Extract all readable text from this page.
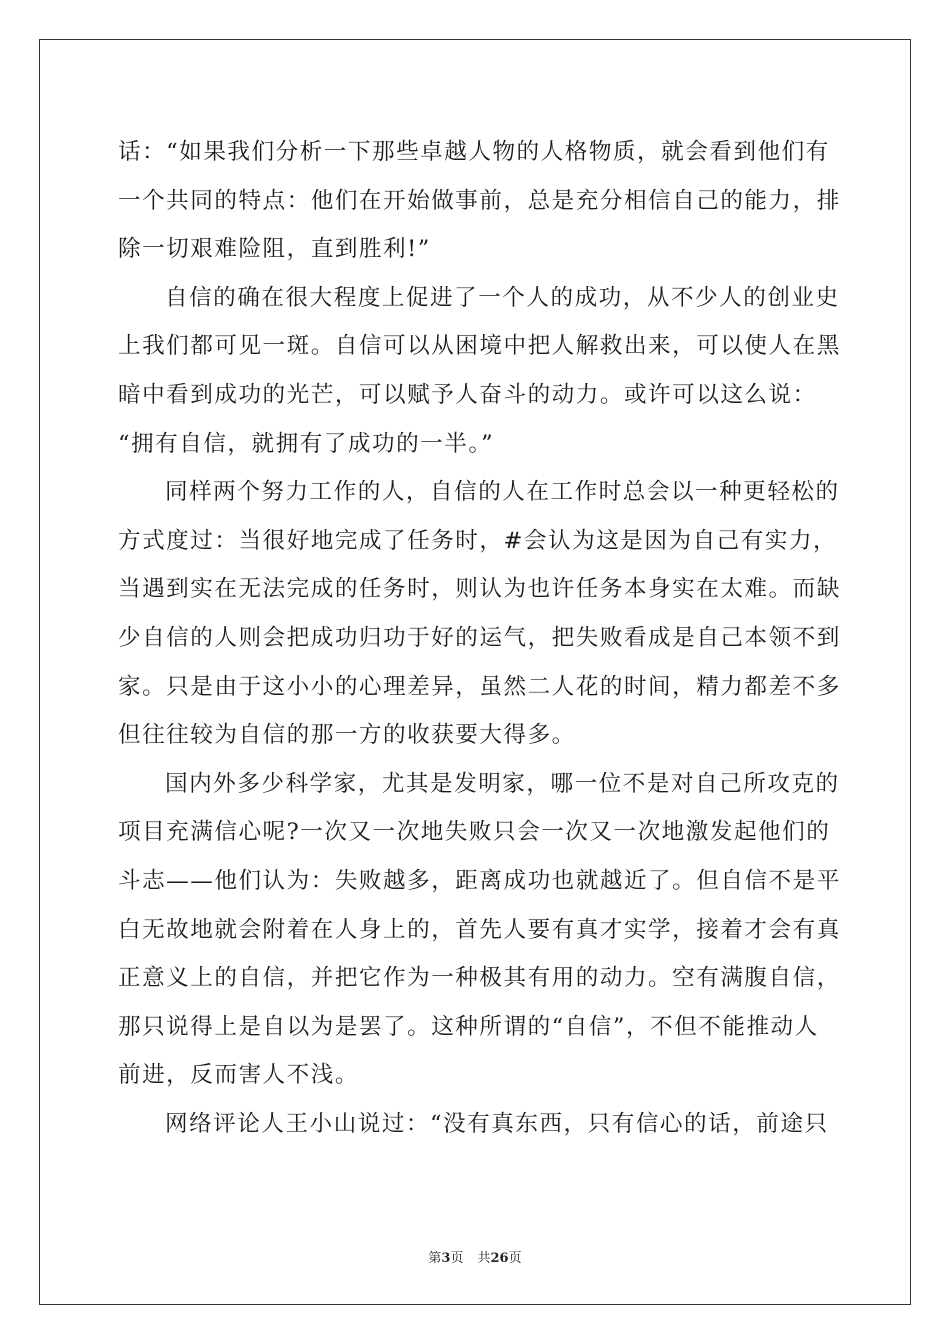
话：“如果我们分析一下那些卓越人物的人格物质，就会看到他们有
一个共同的特点：他们在开始做事前，总是充分相信自己的能力，排
除一切艰难险阻，直到胜利!”
自信的确在很大程度上促进了一个人的成功，从不少人的创业史
上我们都可见一斑。自信可以从困境中把人解救出来，可以使人在黑
暗中看到成功的光芒，可以赋予人奋斗的动力。或许可以这么说：
“拥有自信，就拥有了成功的一半。”
同样两个努力工作的人，自信的人在工作时总会以一种更轻松的
方式度过：当很好地完成了任务时，#会认为这是因为自己有实力，
当遇到实在无法完成的任务时，则认为也许任务本身实在太难。而缺
少自信的人则会把成功归功于好的运气，把失败看成是自己本领不到
家。只是由于这小小的心理差异，虽然二人花的时间，精力都差不多
但往往较为自信的那一方的收获要大得多。
国内外多少科学家，尤其是发明家，哪一位不是对自己所攻克的
项目充满信心呢?一次又一次地失败只会一次又一次地激发起他们的
斗志——他们认为：失败越多，距离成功也就越近了。但自信不是平
白无故地就会附着在人身上的，首先人要有真才实学，接着才会有真
正意义上的自信，并把它作为一种极其有用的动力。空有满腹自信，
那只说得上是自以为是罢了。这种所谓的“自信”，不但不能推动人
前进，反而害人不浅。
网络评论人王小山说过：“没有真东西，只有信心的话，前途只
第3页 共26页
